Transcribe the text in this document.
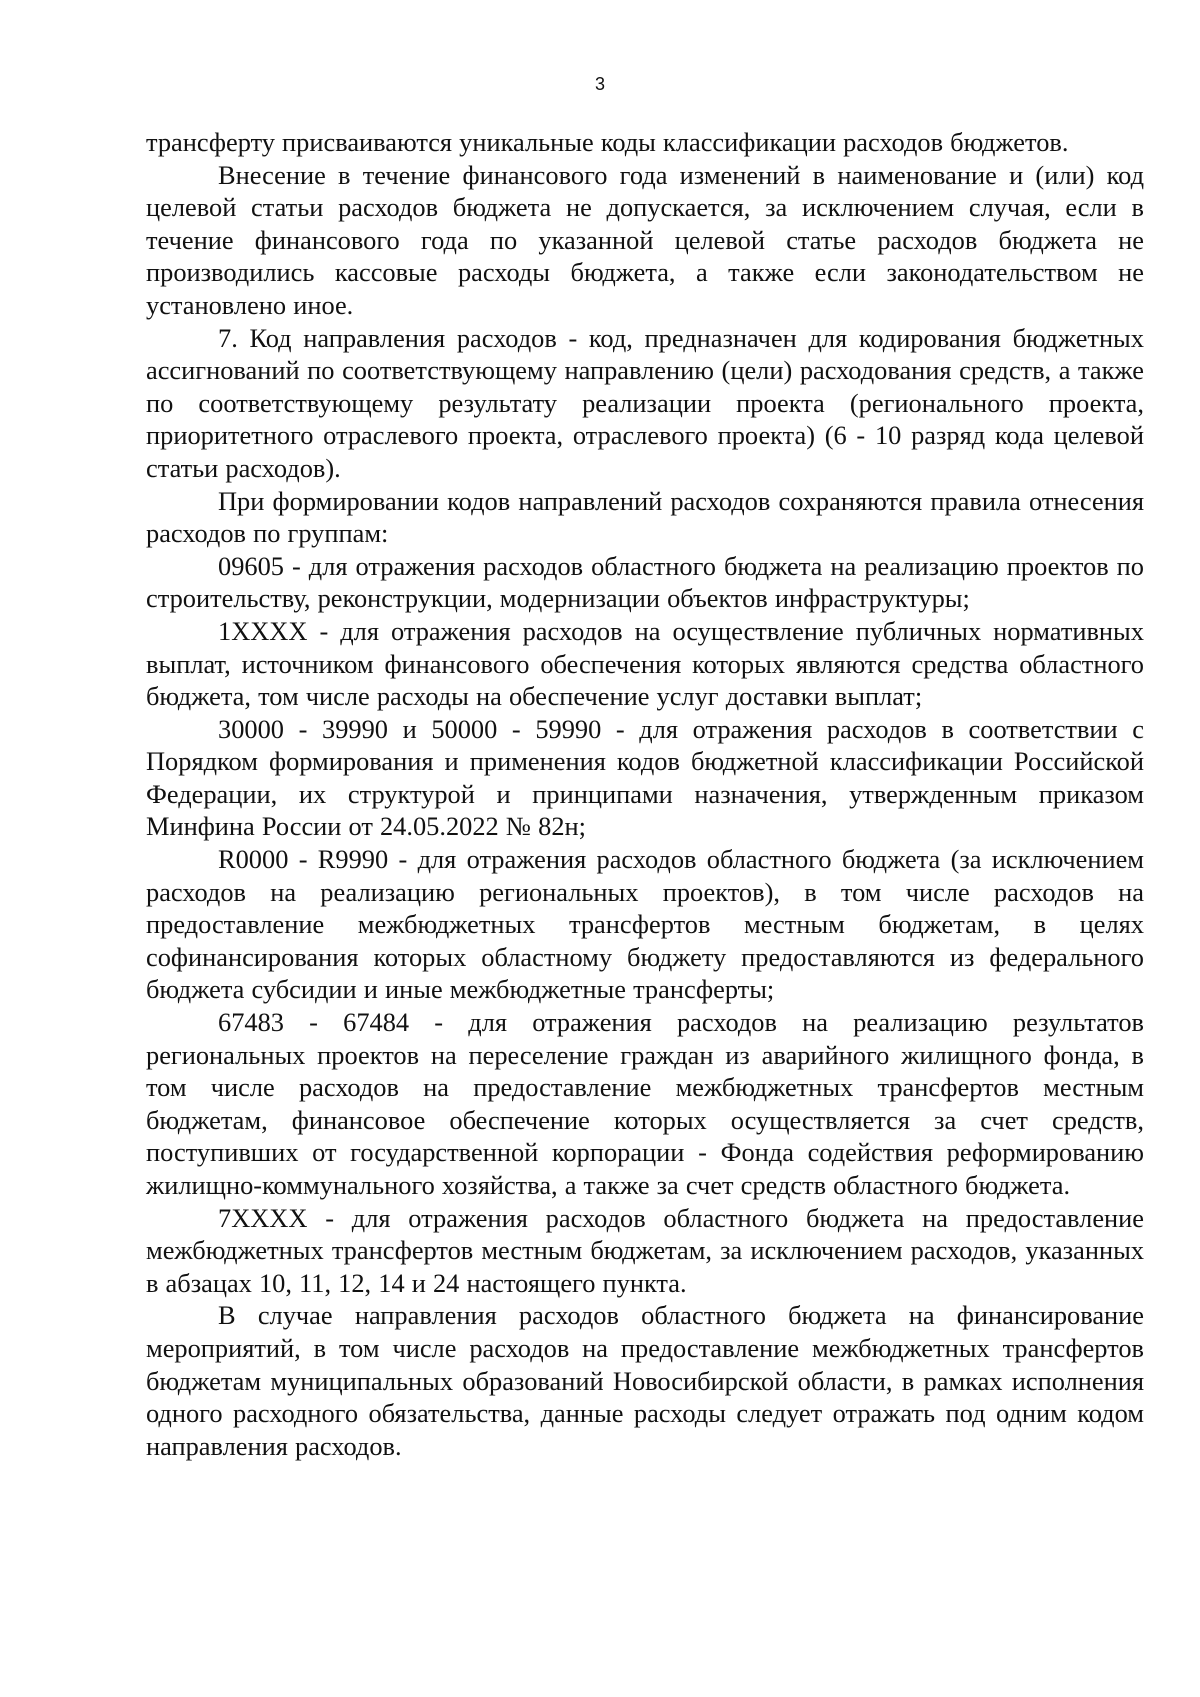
3

трансферту присваиваются уникальные коды классификации расходов бюджетов.

Внесение в течение финансового года изменений в наименование и (или) код целевой статьи расходов бюджета не допускается, за исключением случая, если в течение финансового года по указанной целевой статье расходов бюджета не производились кассовые расходы бюджета, а также если законодательством не установлено иное.

7. Код направления расходов - код, предназначен для кодирования бюджетных ассигнований по соответствующему направлению (цели) расходования средств, а также по соответствующему результату реализации проекта (регионального проекта, приоритетного отраслевого проекта, отраслевого проекта) (6 - 10 разряд кода целевой статьи расходов).

При формировании кодов направлений расходов сохраняются правила отнесения расходов по группам:

09605 - для отражения расходов областного бюджета на реализацию проектов по строительству, реконструкции, модернизации объектов инфраструктуры;

1ХХХХ - для отражения расходов на осуществление публичных нормативных выплат, источником финансового обеспечения которых являются средства областного бюджета, том числе расходы на обеспечение услуг доставки выплат;

30000 - 39990 и 50000 - 59990 - для отражения расходов в соответствии с Порядком формирования и применения кодов бюджетной классификации Российской Федерации, их структурой и принципами назначения, утвержденным приказом Минфина России от 24.05.2022 № 82н;

R0000 - R9990 - для отражения расходов областного бюджета (за исключением расходов на реализацию региональных проектов), в том числе расходов на предоставление межбюджетных трансфертов местным бюджетам, в целях софинансирования которых областному бюджету предоставляются из федерального бюджета субсидии и иные межбюджетные трансферты;

67483 - 67484 - для отражения расходов на реализацию результатов региональных проектов на переселение граждан из аварийного жилищного фонда, в том числе расходов на предоставление межбюджетных трансфертов местным бюджетам, финансовое обеспечение которых осуществляется за счет средств, поступивших от государственной корпорации - Фонда содействия реформированию жилищно-коммунального хозяйства, а также за счет средств областного бюджета.

7ХХХХ - для отражения расходов областного бюджета на предоставление межбюджетных трансфертов местным бюджетам, за исключением расходов, указанных в абзацах 10, 11, 12, 14 и 24 настоящего пункта.

В случае направления расходов областного бюджета на финансирование мероприятий, в том числе расходов на предоставление межбюджетных трансфертов бюджетам муниципальных образований Новосибирской области, в рамках исполнения одного расходного обязательства, данные расходы следует отражать под одним кодом направления расходов.
